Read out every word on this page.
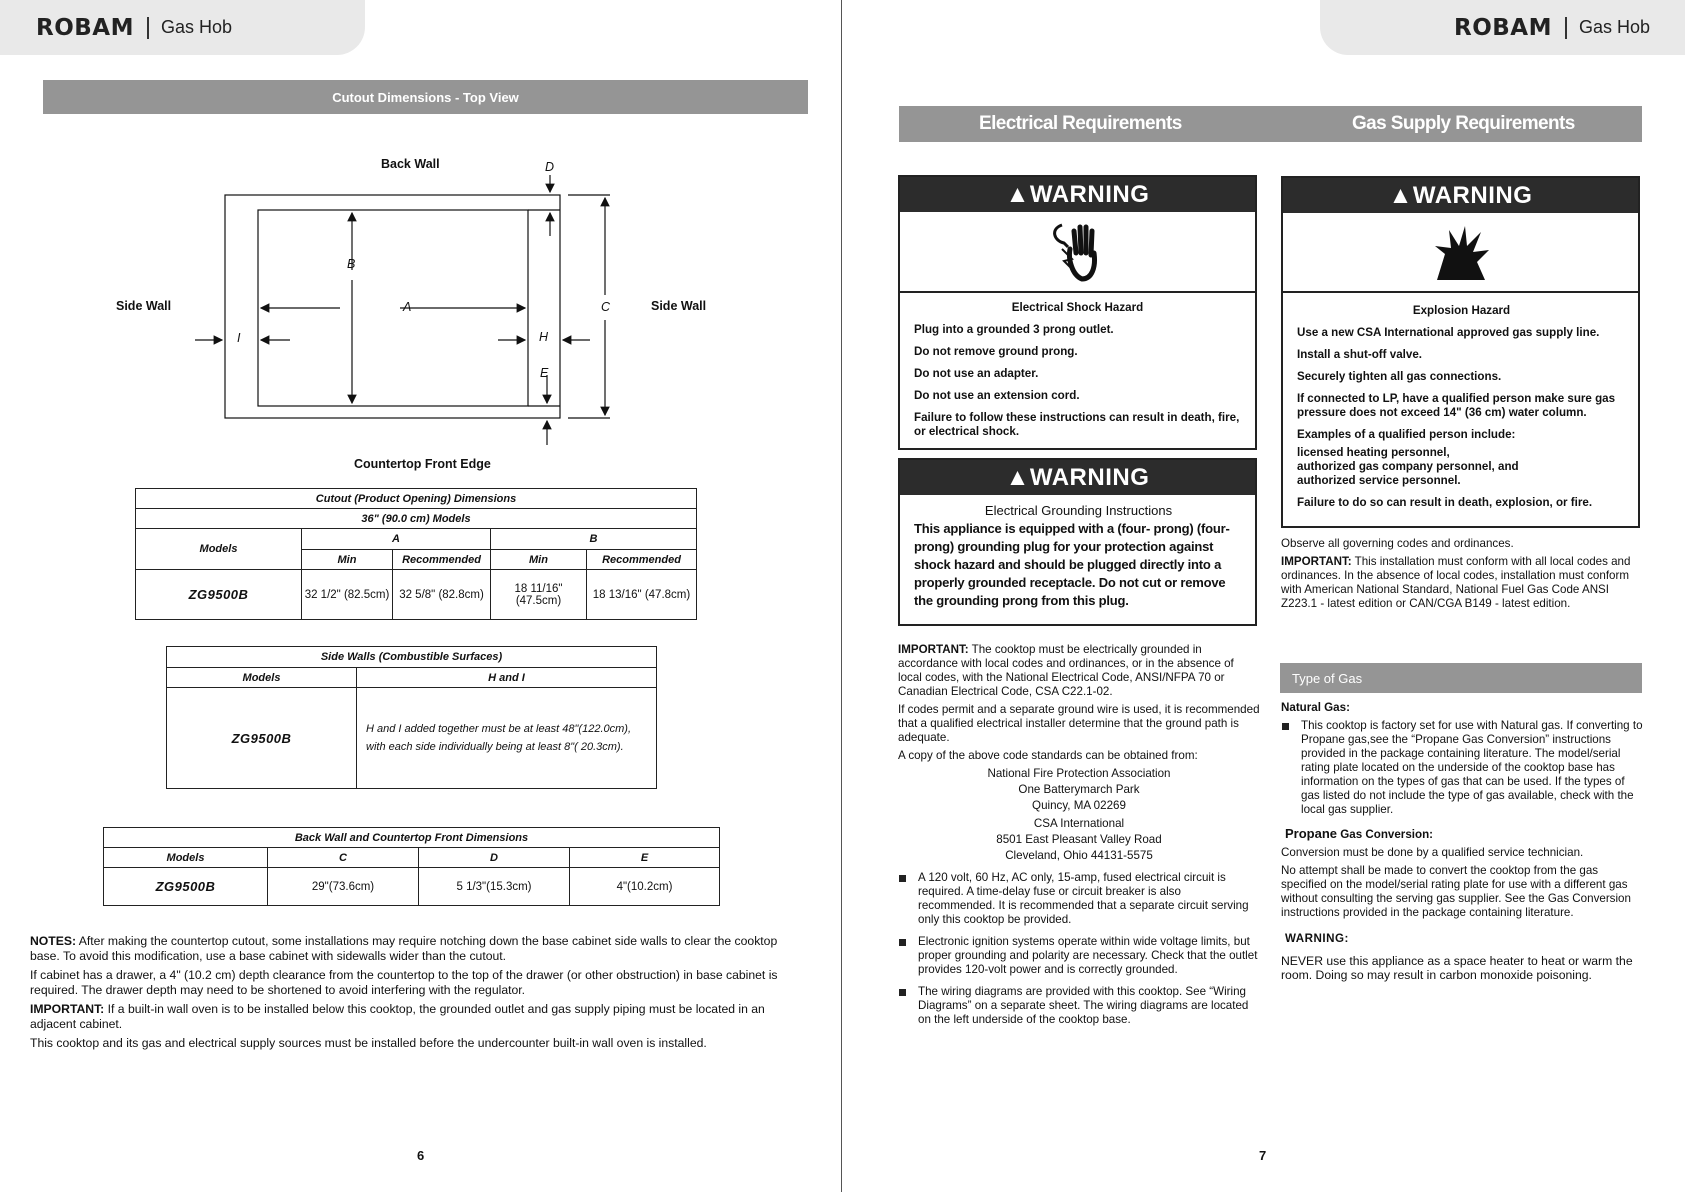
ROBAM Gas Hob
Cutout Dimensions - Top View
Back Wall
Side Wall	Side Wall
Countertop Front Edge
A
B
C
D
E
H
I
Cutout (Product Opening) Dimensions				
36" (90.0 cm) Models				
Models	A		B	
	Min	Recommended	Min	Recommended
ZG9500B	32 1/2" (82.5cm)	32 5/8" (82.8cm)	18 11/16" (47.5cm)	18 13/16" (47.8cm)
Side Walls (Combustible Surfaces)	
Models	H and I
ZG9500B	H and I added together must be at least 48"(122.0cm),
with each side individually being at least 8"( 20.3cm).
Back Wall and Countertop Front Dimensions			
Models	C	D	E
ZG9500B	29"(73.6cm)	5 1/3"(15.3cm)	4"(10.2cm)

NOTES: After making the countertop cutout, some installations may require notching down the base cabinet side walls to clear the cooktop base. To avoid this modification, use a base cabinet with sidewalls wider than the cutout.

If cabinet has a drawer, a 4" (10.2 cm) depth clearance from the countertop to the top of the drawer (or other obstruction) in base cabinet is required. The drawer depth may need to be shortened to avoid interfering with the regulator.

IMPORTANT: If a built-in wall oven is to be installed below this cooktop, the grounded outlet and gas supply piping must be located in an adjacent cabinet.

This cooktop and its gas and electrical supply sources must be installed before the undercounter built-in wall oven is installed.

6
ROBAM Gas Hob
Electrical Requirements	Gas Supply Requirements
▲WARNING
Electrical Shock Hazard

Plug into a grounded 3 prong outlet.

Do not remove ground prong.

Do not use an adapter.

Do not use an extension cord.

Failure to follow these instructions can result in death, fire, or electrical shock.

▲WARNING
Electrical Grounding Instructions
This appliance is equipped with a (four- prong) (four-prong) grounding plug for your protection against shock hazard and should be plugged directly into a properly grounded receptacle. Do not cut or remove the grounding prong from this plug.
▲WARNING
Explosion Hazard

Use a new CSA International approved gas supply line.

Install a shut-off valve.

Securely tighten all gas connections.

If connected to LP, have a qualified person make sure gas pressure does not exceed 14" (36 cm) water column.

Examples of a qualified person include:

licensed heating personnel,
authorized gas company personnel, and
authorized service personnel.

Failure to do so can result in death, explosion, or fire.

IMPORTANT: The cooktop must be electrically grounded in accordance with local codes and ordinances, or in the absence of local codes, with the National Electrical Code, ANSI/NFPA 70 or Canadian Electrical Code, CSA C22.1-02.

If codes permit and a separate ground wire is used, it is recommended that a qualified electrical installer determine that the ground path is adequate.

A copy of the above code standards can be obtained from:

National Fire Protection Association
One Batterymarch Park
Quincy, MA 02269
CSA International
8501 East Pleasant Valley Road
Cleveland, Ohio 44131-5575

A 120 volt, 60 Hz, AC only, 15-amp, fused electrical circuit is required. A time-delay fuse or circuit breaker is also recommended. It is recommended that a separate circuit serving only this cooktop be provided.

Electronic ignition systems operate within wide voltage limits, but proper grounding and polarity are necessary. Check that the outlet provides 120-volt power and is correctly grounded.

The wiring diagrams are provided with this cooktop. See “Wiring Diagrams” on a separate sheet. The wiring diagrams are located on the left underside of the cooktop base.

Observe all governing codes and ordinances.

IMPORTANT: This installation must conform with all local codes and ordinances. In the absence of local codes, installation must conform with American National Standard, National Fuel Gas Code ANSI Z223.1 - latest edition or CAN/CGA B149 - latest edition.

Type of Gas

Natural Gas:

This cooktop is factory set for use with Natural gas. If converting to Propane gas,see the “Propane Gas Conversion” instructions provided in the package containing literature. The model/serial rating plate located on the underside of the cooktop base has information on the types of gas that can be used. If the types of gas listed do not include the type of gas available, check with the local gas supplier.

Propane Gas Conversion:

Conversion must be done by a qualified service technician.

No attempt shall be made to convert the cooktop from the gas specified on the model/serial rating plate for use with a different gas without consulting the serving gas supplier. See the Gas Conversion instructions provided in the package containing literature.

WARNING:

NEVER use this appliance as a space heater to heat or warm the room. Doing so may result in carbon monoxide poisoning.

7
